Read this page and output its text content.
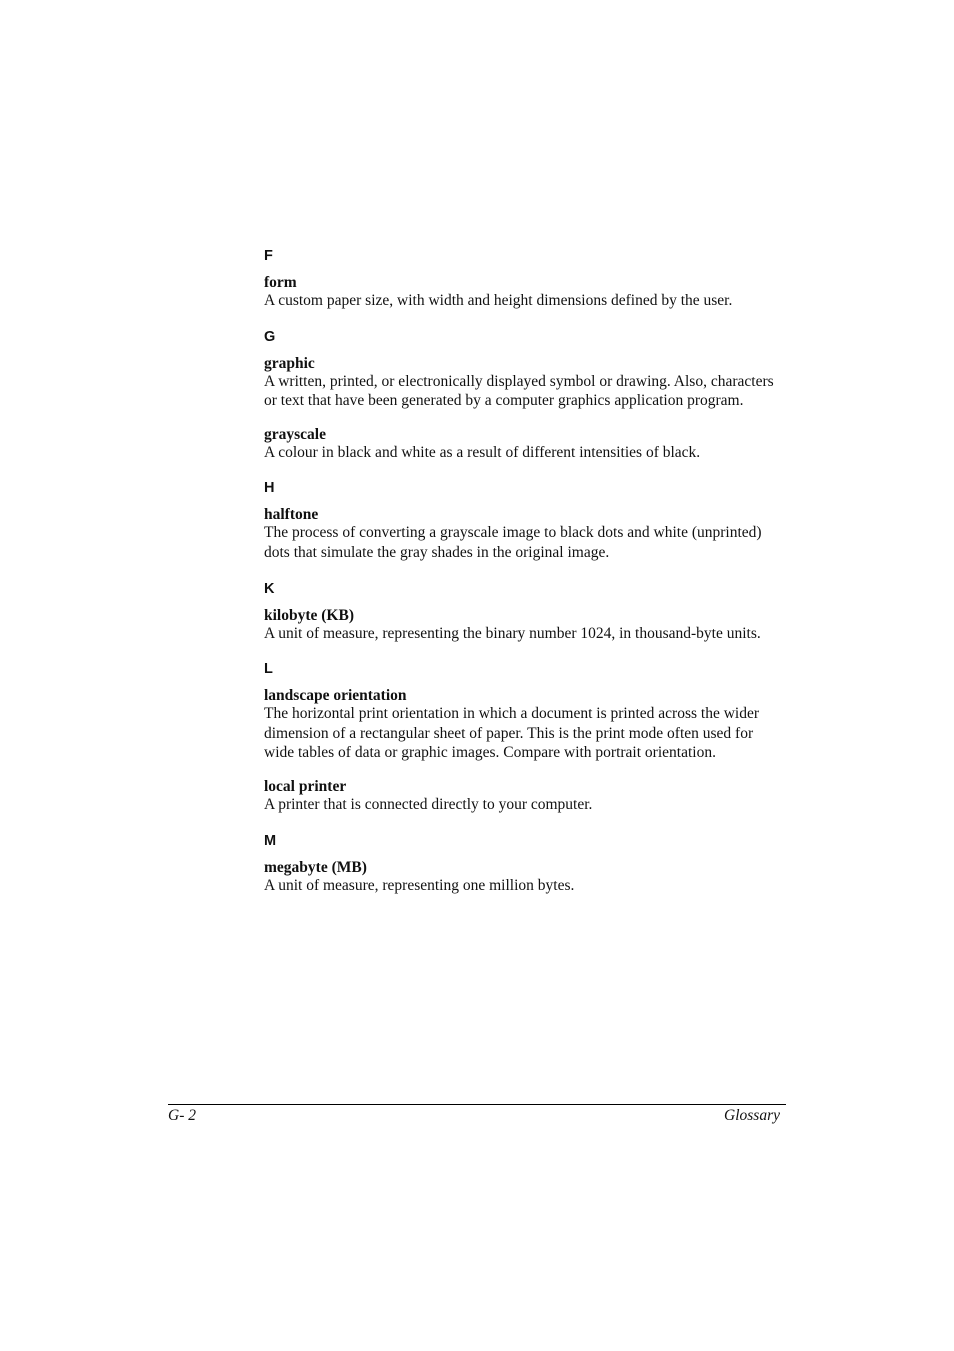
F
form
A custom paper size, with width and height dimensions defined by the user.
G
graphic
A written, printed, or electronically displayed symbol or drawing. Also, characters or text that have been generated by a computer graphics application program.
grayscale
A colour in black and white as a result of different intensities of black.
H
halftone
The process of converting a grayscale image to black dots and white (unprinted) dots that simulate the gray shades in the original image.
K
kilobyte (KB)
A unit of measure, representing the binary number 1024, in thousand-byte units.
L
landscape orientation
The horizontal print orientation in which a document is printed across the wider dimension of a rectangular sheet of paper. This is the print mode often used for wide tables of data or graphic images. Compare with portrait orientation.
local printer
A printer that is connected directly to your computer.
M
megabyte (MB)
A unit of measure, representing one million bytes.
G- 2	Glossary
